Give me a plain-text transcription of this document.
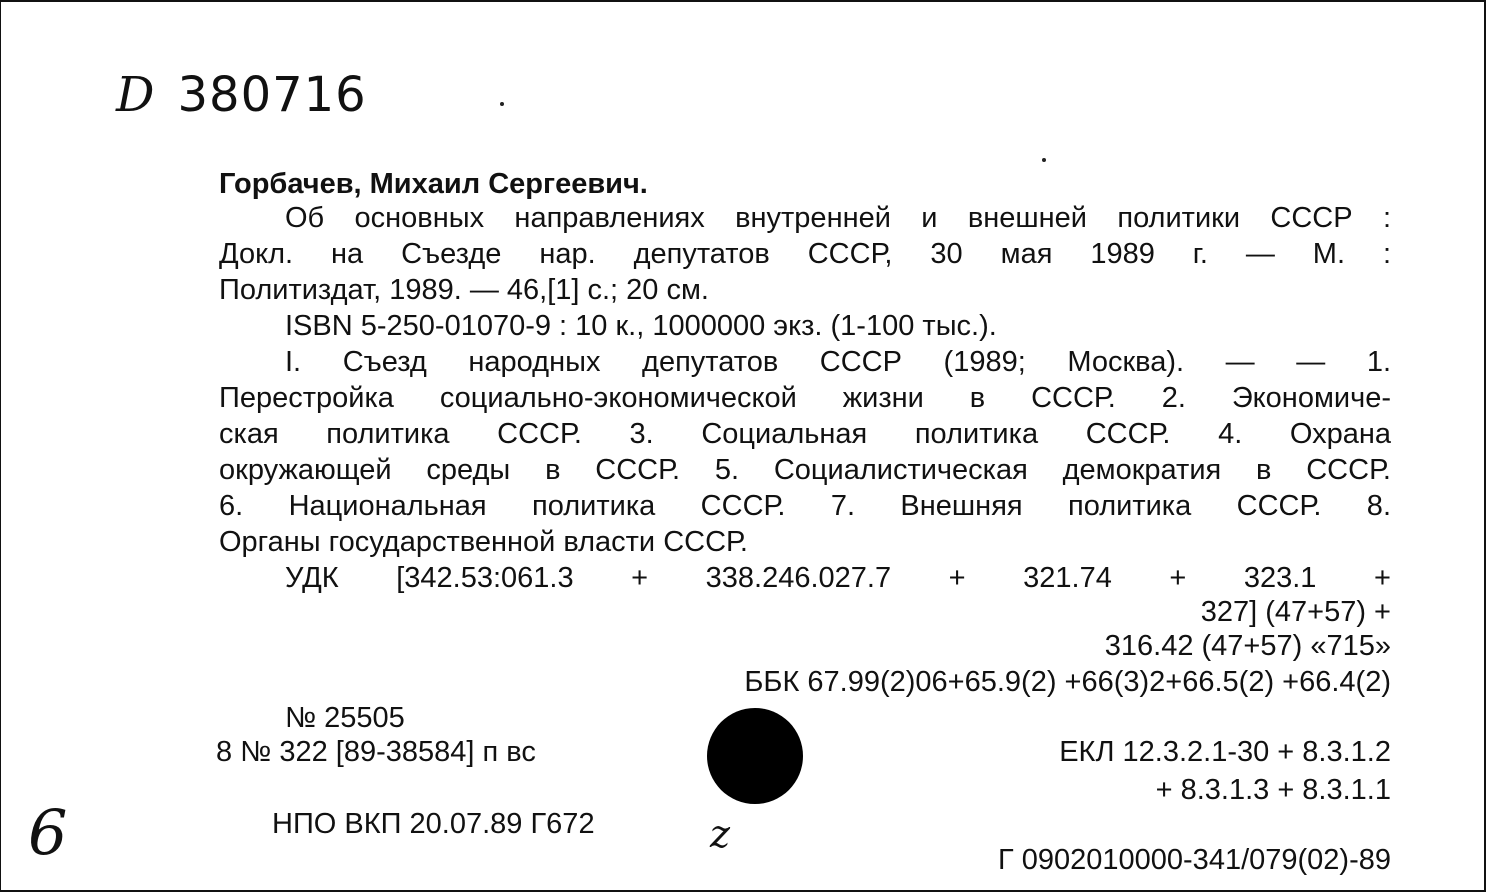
D 380716
Горбачев, Михаил Сергеевич.
Об основных направлениях внутренней и внешней политики СССР :
Докл. на Съезде нар. депутатов СССР, 30 мая 1989 г. — М. :
Политиздат, 1989. — 46,[1] с.; 20 см.
ISBN 5-250-01070-9 : 10 к., 1000000 экз. (1-100 тыс.).
I. Съезд народных депутатов СССР (1989; Москва). — — 1.
Перестройка социально-экономической жизни в СССР. 2. Экономиче-
ская политика СССР. 3. Социальная политика СССР. 4. Охрана
окружающей среды в СССР. 5. Социалистическая демократия в СССР.
6. Национальная политика СССР. 7. Внешняя политика СССР. 8.
Органы государственной власти СССР.
УДК [342.53:061.3 + 338.246.027.7 + 321.74 + 323.1 +
327] (47+57) +
316.42 (47+57) «715»
ББК 67.99(2)06+65.9(2) +66(3)2+66.5(2) +66.4(2)
№ 25505
8 № 322 [89-38584] п вс	ЕКЛ 12.3.2.1-30 + 8.3.1.2
+ 8.3.1.3 + 8.3.1.1
НПО ВКП 20.07.89 Г672
6	z
Г 0902010000-341/079(02)-89
